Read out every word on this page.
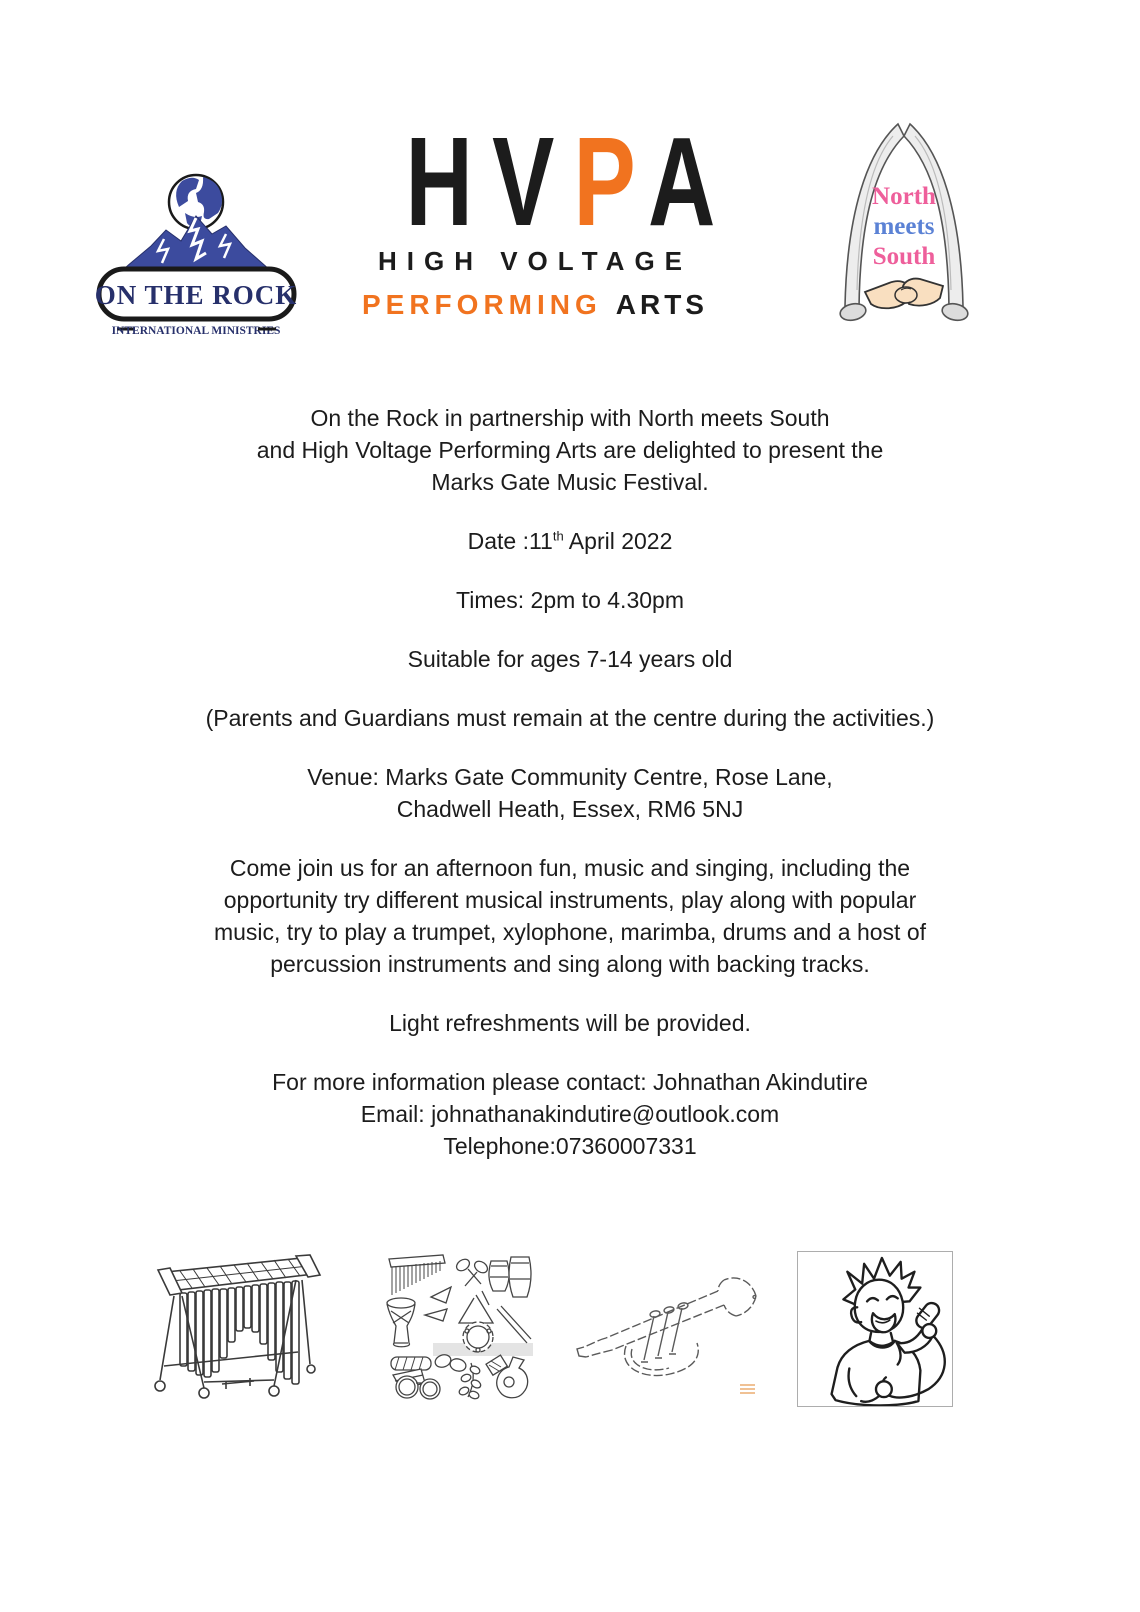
ON THE ROCK
INTERNATIONAL MINISTRIES
HVPA
HIGH VOLTAGE
PERFORMING ARTS
North
meets
South

On the Rock in partnership with North meets South
and High Voltage Performing Arts are delighted to present the
Marks Gate Music Festival.

Date :11th April 2022

Times: 2pm to 4.30pm

Suitable for ages 7-14 years old

(Parents and Guardians must remain at the centre during the activities.)

Venue: Marks Gate Community Centre, Rose Lane,
Chadwell Heath, Essex, RM6 5NJ

Come join us for an afternoon fun, music and singing, including the
opportunity try different musical instruments, play along with popular
music, try to play a trumpet, xylophone, marimba, drums and a host of
percussion instruments and sing along with backing tracks.

Light refreshments will be provided.

For more information please contact: Johnathan Akindutire
Email: johnathanakindutire@outlook.com
Telephone:07360007331
